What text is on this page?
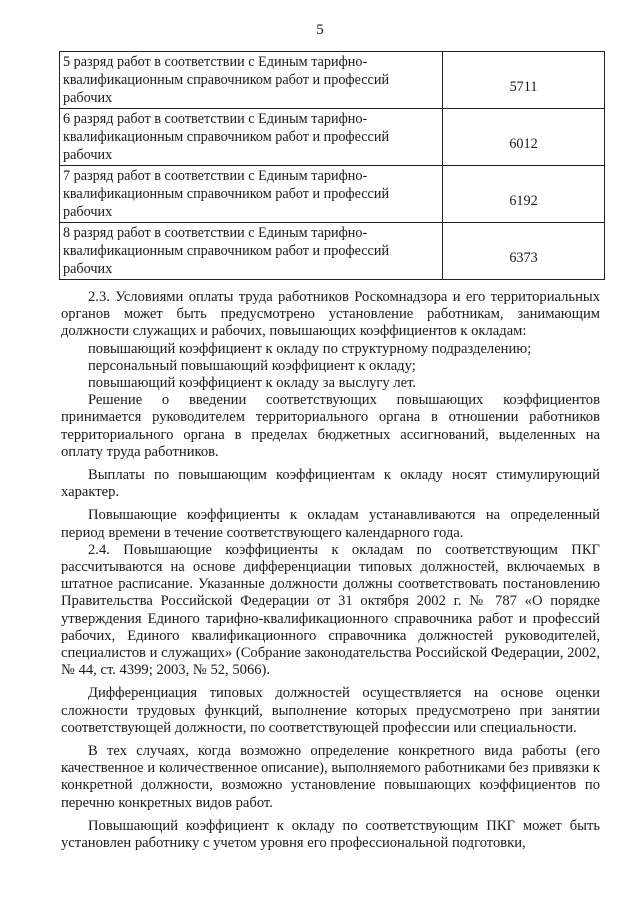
5
5 разряд работ в соответствии с Единым тарифно-квалификационным справочником работ и профессий рабочих	5711
6 разряд работ в соответствии с Единым тарифно-квалификационным справочником работ и профессий рабочих	6012
7 разряд работ в соответствии с Единым тарифно-квалификационным справочником работ и профессий рабочих	6192
8 разряд работ в соответствии с Единым тарифно-квалификационным справочником работ и профессий рабочих	6373

2.3. Условиями оплаты труда работников Роскомнадзора и его территориальных органов может быть предусмотрено установление работникам, занимающим должности служащих и рабочих, повышающих коэффициентов к окладам:

повышающий коэффициент к окладу по структурному подразделению;

персональный повышающий коэффициент к окладу;

повышающий коэффициент к окладу за выслугу лет.

Решение о введении соответствующих повышающих коэффициентов принимается руководителем территориального органа в отношении работников территориального органа в пределах бюджетных ассигнований, выделенных на оплату труда работников.

Выплаты по повышающим коэффициентам к окладу носят стимулирующий характер.

Повышающие коэффициенты к окладам устанавливаются на определенный период времени в течение соответствующего календарного года.

2.4. Повышающие коэффициенты к окладам по соответствующим ПКГ рассчитываются на основе дифференциации типовых должностей, включаемых в штатное расписание. Указанные должности должны соответствовать постановлению Правительства Российской Федерации от 31 октября 2002 г. № 787 «О порядке утверждения Единого тарифно-квалификационного справочника работ и профессий рабочих, Единого квалификационного справочника должностей руководителей, специалистов и служащих» (Собрание законодательства Российской Федерации, 2002, № 44, ст. 4399; 2003, № 52, 5066).

Дифференциация типовых должностей осуществляется на основе оценки сложности трудовых функций, выполнение которых предусмотрено при занятии соответствующей должности, по соответствующей профессии или специальности.

В тех случаях, когда возможно определение конкретного вида работы (его качественное и количественное описание), выполняемого работниками без привязки к конкретной должности, возможно установление повышающих коэффициентов по перечню конкретных видов работ.

Повышающий коэффициент к окладу по соответствующим ПКГ может быть установлен работнику с учетом уровня его профессиональной подготовки,
